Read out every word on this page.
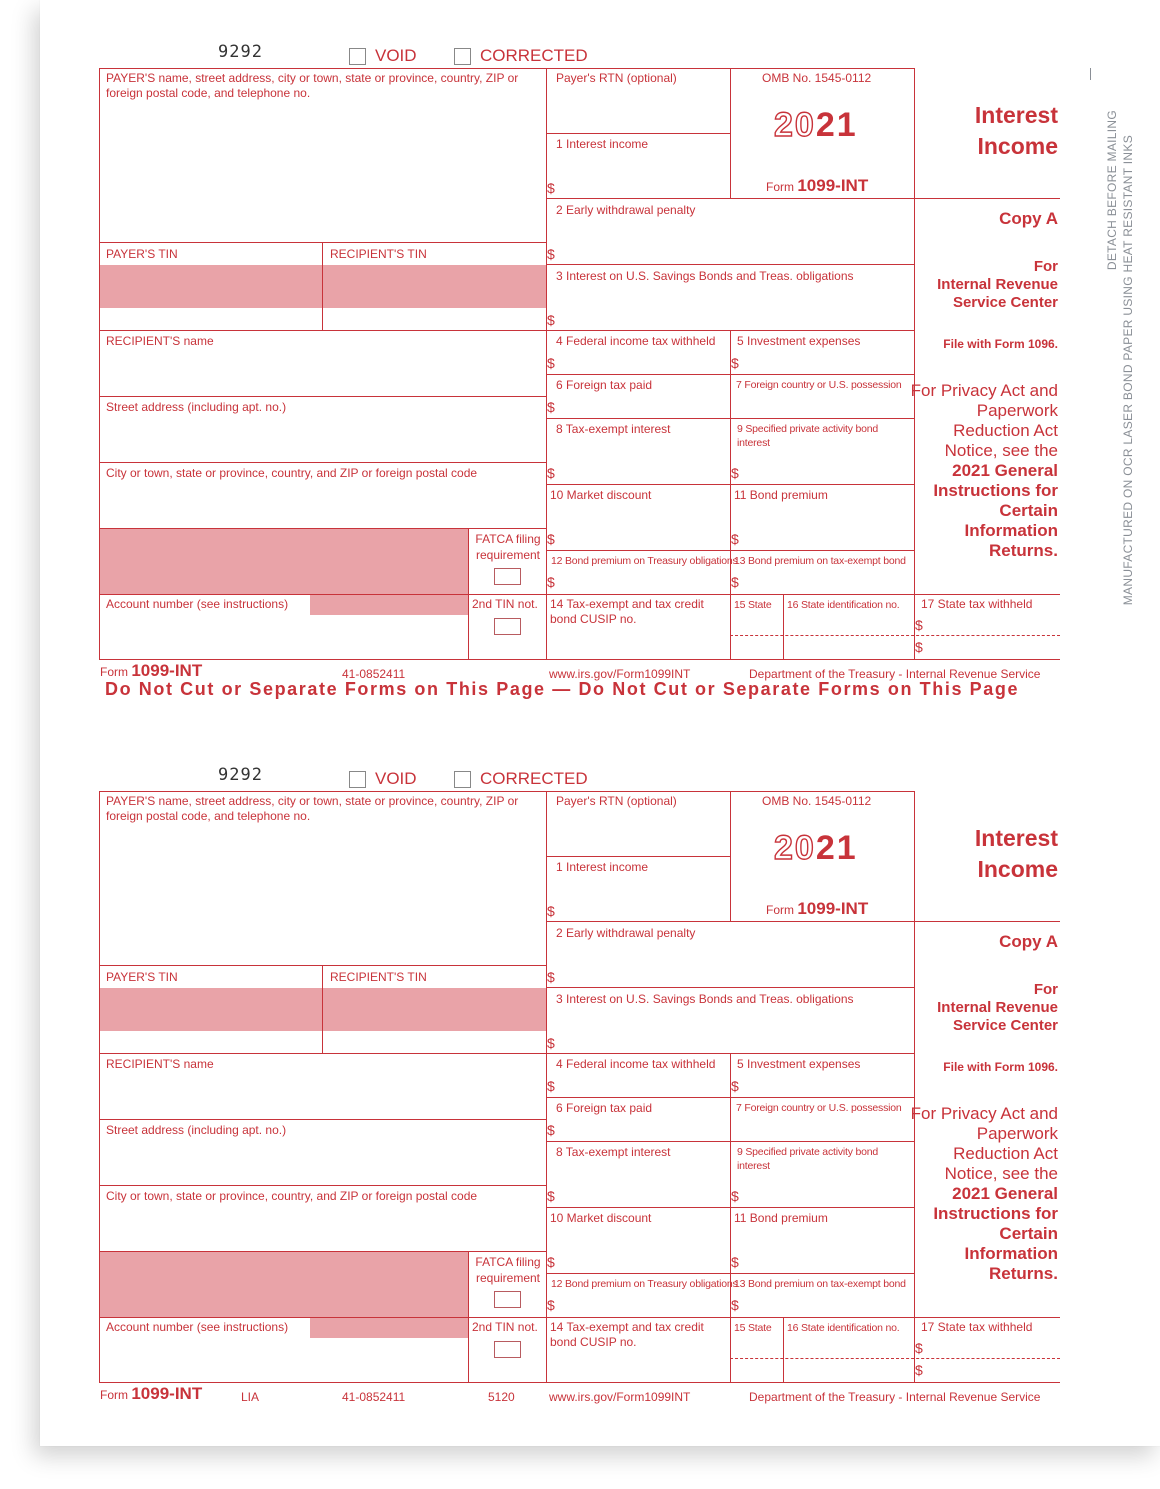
DETACH BEFORE MAILING MANUFACTURED ON OCR LASER BOND PAPER USING HEAT RESISTANT INKS
9292	VOID	CORRECTED
PAYER'S name, street address, city or town, state or province, country, ZIP or foreign postal code, and telephone no.
PAYER'S TIN	RECIPIENT'S TIN
RECIPIENT'S name
Street address (including apt. no.)
City or town, state or province, country, and ZIP or foreign postal code
FATCA filing requirement
Account number (see instructions)	2nd TIN not.
Payer's RTN (optional)
1 Interest income
$
OMB No. 1545-0112
2021
Form 1099-INT
2 Early withdrawal penalty
$
3 Interest on U.S. Savings Bonds and Treas. obligations
$
4 Federal income tax withheld
$
5 Investment expenses
$
6 Foreign tax paid
$
7 Foreign country or U.S. possession
8 Tax-exempt interest
$
9 Specified private activity bond interest
$
10 Market discount
$
11 Bond premium
$
12 Bond premium on Treasury obligations
$
13 Bond premium on tax-exempt bond
$
14 Tax-exempt and tax credit bond CUSIP no.
15 State 16 State identification no. 17 State tax withheld
$
$
Interest
Income
Copy A
For
Internal Revenue
Service Center
File with Form 1096.
For Privacy Act and Paperwork Reduction Act Notice, see the 2021 General Instructions for Certain Information Returns.
Form 1099-INT	41-0852411	www.irs.gov/Form1099INT	Department of the Treasury - Internal Revenue Service
Do Not Cut or Separate Forms on This Page — Do Not Cut or Separate Forms on This Page
9292	VOID	CORRECTED
PAYER'S name, street address, city or town, state or province, country, ZIP or foreign postal code, and telephone no.
PAYER'S TIN	RECIPIENT'S TIN
RECIPIENT'S name
Street address (including apt. no.)
City or town, state or province, country, and ZIP or foreign postal code
FATCA filing requirement
Account number (see instructions)	2nd TIN not.
Payer's RTN (optional)
1 Interest income
$
OMB No. 1545-0112
2021
Form 1099-INT
2 Early withdrawal penalty
$
3 Interest on U.S. Savings Bonds and Treas. obligations
$
4 Federal income tax withheld
$
5 Investment expenses
$
6 Foreign tax paid
$
7 Foreign country or U.S. possession
8 Tax-exempt interest
$
9 Specified private activity bond interest
$
10 Market discount
$
11 Bond premium
$
12 Bond premium on Treasury obligations
$
13 Bond premium on tax-exempt bond
$
14 Tax-exempt and tax credit bond CUSIP no.
15 State 16 State identification no. 17 State tax withheld
$
$
Interest
Income
Copy A
For
Internal Revenue
Service Center
File with Form 1096.
For Privacy Act and Paperwork Reduction Act Notice, see the 2021 General Instructions for Certain Information Returns.
Form 1099-INT	LIA	41-0852411	5120	www.irs.gov/Form1099INT	Department of the Treasury - Internal Revenue Service
